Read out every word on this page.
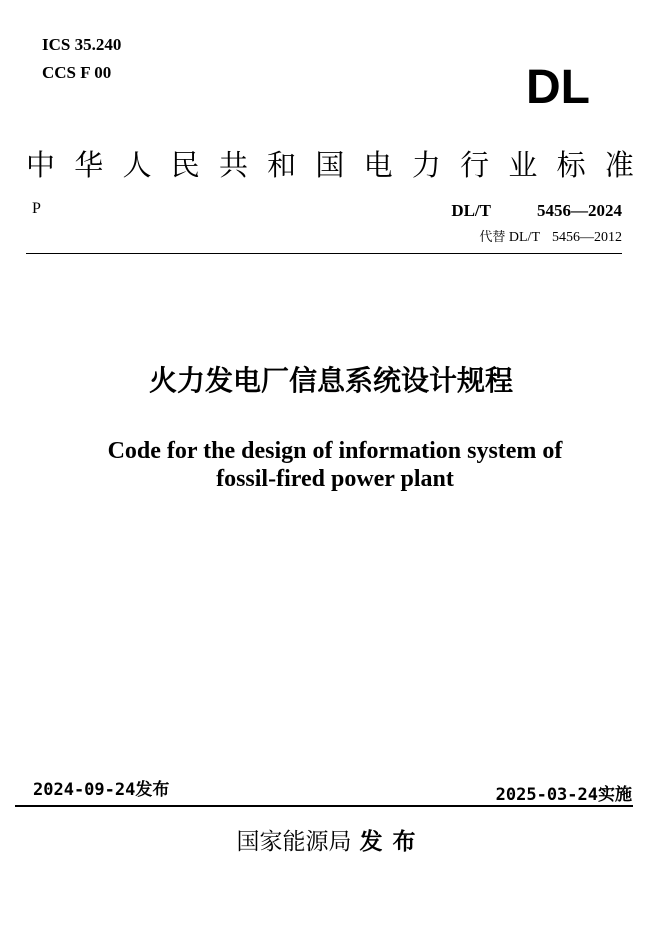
ICS 35.240
CCS F 00	DL
中 华 人 民 共 和 国 电 力 行 业 标 准
P	DL/T	5456—2024
代替 DL/T 5456—2012
火力发电厂信息系统设计规程
Code for the design of information system of
fossil-fired power plant
2024-09-24发布	2025-03-24实施
国家能源局 发布
